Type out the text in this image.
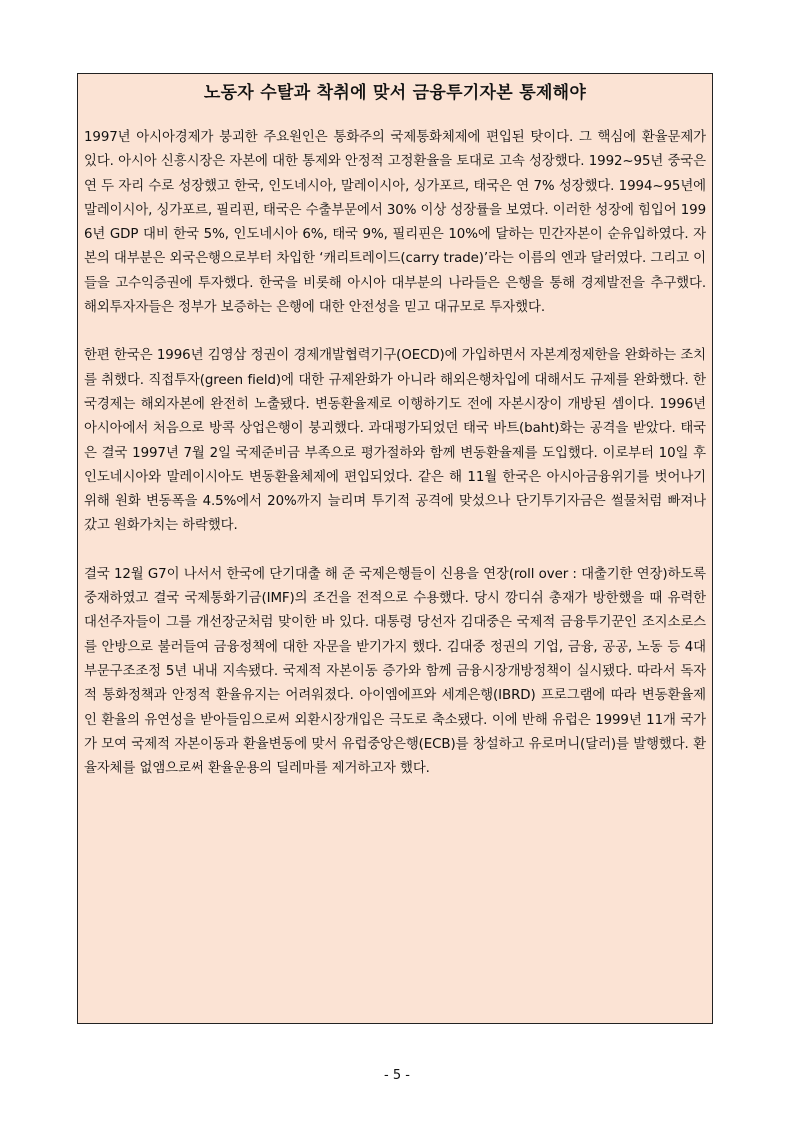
노동자 수탈과 착취에 맞서 금융투기자본 통제해야

1997년 아시아경제가 붕괴한 주요원인은 통화주의 국제통화체제에 편입된 탓이다. 그 핵심에 환율문제가 있다. 아시아 신흥시장은 자본에 대한 통제와 안정적 고정환율을 토대로 고속 성장했다. 1992~95년 중국은 연 두 자리 수로 성장했고 한국, 인도네시아, 말레이시아, 싱가포르, 태국은 연 7% 성장했다. 1994~95년에 말레이시아, 싱가포르, 필리핀, 태국은 수출부문에서 30% 이상 성장률을 보였다. 이러한 성장에 힘입어 1996년 GDP 대비 한국 5%, 인도네시아 6%, 태국 9%, 필리핀은 10%에 달하는 민간자본이 순유입하였다. 자본의 대부분은 외국은행으로부터 차입한 ‘캐리트레이드(carry trade)’라는 이름의 엔과 달러였다. 그리고 이들을 고수익증권에 투자했다. 한국을 비롯해 아시아 대부분의 나라들은 은행을 통해 경제발전을 추구했다. 해외투자자들은 정부가 보증하는 은행에 대한 안전성을 믿고 대규모로 투자했다.

한편 한국은 1996년 김영삼 정권이 경제개발협력기구(OECD)에 가입하면서 자본계정제한을 완화하는 조치를 취했다. 직접투자(green field)에 대한 규제완화가 아니라 해외은행차입에 대해서도 규제를 완화했다. 한국경제는 해외자본에 완전히 노출됐다. 변동환율제로 이행하기도 전에 자본시장이 개방된 셈이다. 1996년 아시아에서 처음으로 방콕 상업은행이 붕괴했다. 과대평가되었던 태국 바트(baht)화는 공격을 받았다. 태국은 결국 1997년 7월 2일 국제준비금 부족으로 평가절하와 함께 변동환율제를 도입했다. 이로부터 10일 후 인도네시아와 말레이시아도 변동환율체제에 편입되었다. 같은 해 11월 한국은 아시아금융위기를 벗어나기 위해 원화 변동폭을 4.5%에서 20%까지 늘리며 투기적 공격에 맞섰으나 단기투기자금은 썰물처럼 빠져나갔고 원화가치는 하락했다.

결국 12월 G7이 나서서 한국에 단기대출 해 준 국제은행들이 신용을 연장(roll over : 대출기한 연장)하도록 중재하였고 결국 국제통화기금(IMF)의 조건을 전적으로 수용했다. 당시 깡디쉬 총재가 방한했을 때 유력한 대선주자들이 그를 개선장군처럼 맞이한 바 있다. 대통령 당선자 김대중은 국제적 금융투기꾼인 조지소로스를 안방으로 불러들여 금융정책에 대한 자문을 받기가지 했다. 김대중 정권의 기업, 금융, 공공, 노동 등 4대 부문구조조정 5년 내내 지속됐다. 국제적 자본이동 증가와 함께 금융시장개방정책이 실시됐다. 따라서 독자적 통화정책과 안정적 환율유지는 어려워졌다. 아이엠에프와 세계은행(IBRD) 프로그램에 따라 변동환율제인 환율의 유연성을 받아들임으로써 외환시장개입은 극도로 축소됐다. 이에 반해 유럽은 1999년 11개 국가가 모여 국제적 자본이동과 환율변동에 맞서 유럽중앙은행(ECB)를 창설하고 유로머니(달러)를 발행했다. 환율자체를 없앰으로써 환율운용의 딜레마를 제거하고자 했다.

- 5 -
